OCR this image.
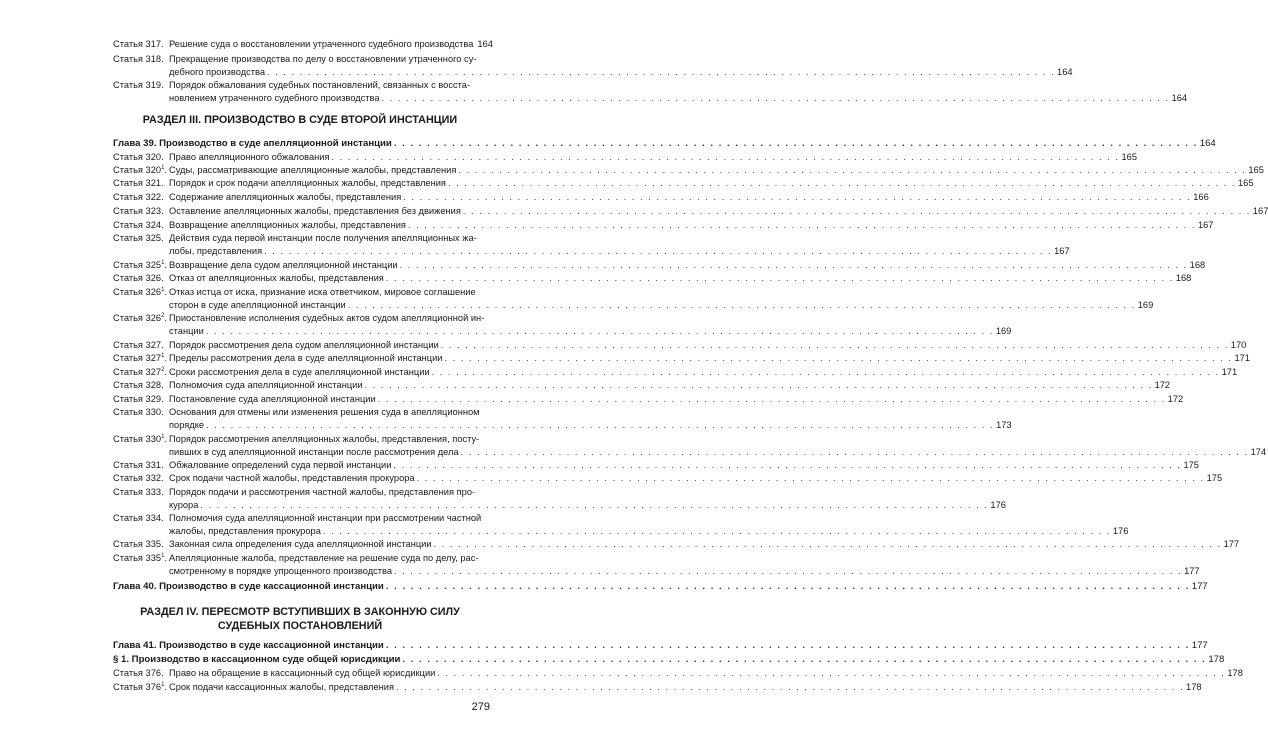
Статья 317. Решение суда о восстановлении утраченного судебного производства 164
Статья 318. Прекращение производства по делу о восстановлении утраченного су-
дебного производства . . .	164
Статья 319. Порядок обжалования судебных постановлений, связанных с восста-
новлением утраченного судебного производства . . .	164
РАЗДЕЛ III. ПРОИЗВОДСТВО В СУДЕ ВТОРОЙ ИНСТАНЦИИ
Глава 39. Производство в суде апелляционной инстанции . . .	164
Статья 320. Право апелляционного обжалования . . .	165
Статья $320^1$. Суды, рассматривающие апелляционные жалобы, представления . . .	165
Статья 321. Порядок и срок подачи апелляционных жалобы, представления . . .	165
Статья 322. Содержание апелляционных жалобы, представления . . .	166
Статья 323. Оставление апелляционных жалобы, представления без движения . . .	167
Статья 324. Возвращение апелляционных жалобы, представления . . .	167
Статья 325. Действия суда первой инстанции после получения апелляционных жа-
лобы, представления . . .	167
Статья $325^1$. Возвращение дела судом апелляционной инстанции . . .	168
Статья 326. Отказ от апелляционных жалобы, представления . . .	168
Статья $326^1$. Отказ истца от иска, признание иска ответчиком, мировое соглашение
сторон в суде апелляционной инстанции . . .	169
Статья $326^2$. Приостановление исполнения судебных актов судом апелляционной ин-
станции . . .	169
Статья 327. Порядок рассмотрения дела судом апелляционной инстанции . . .	170
Статья $327^1$. Пределы рассмотрения дела в суде апелляционной инстанции . . .	171
Статья $327^2$. Сроки рассмотрения дела в суде апелляционной инстанции . . .	171
Статья 328. Полномочия суда апелляционной инстанции . . .	172
Статья 329. Постановление суда апелляционной инстанции . . .	172
Статья 330. Основания для отмены или изменения решения суда в апелляционном
порядке . . .	173
Статья $330^1$. Порядок рассмотрения апелляционных жалобы, представления, посту-
пивших в суд апелляционной инстанции после рассмотрения дела . . .	174
Статья 331. Обжалование определений суда первой инстанции . . .	175
Статья 332. Срок подачи частной жалобы, представления прокурора . . .	175
Статья 333. Порядок подачи и рассмотрения частной жалобы, представления про-
курора . . .	176
Статья 334. Полномочия суда апелляционной инстанции при рассмотрении частной
жалобы, представления прокурора . . .	176
Статья 335. Законная сила определения суда апелляционной инстанции . . .	177
Статья $335^1$. Апелляционные жалоба, представление на решение суда по делу, рас-
смотренному в порядке упрощенного производства . . .	177
Глава 40. Производство в суде кассационной инстанции . . .	177
РАЗДЕЛ IV. ПЕРЕСМОТР ВСТУПИВШИХ В ЗАКОННУЮ СИЛУ
СУДЕБНЫХ ПОСТАНОВЛЕНИЙ
Глава 41. Производство в суде кассационной инстанции . . .	177
§ 1. Производство в кассационном суде общей юрисдикции . . .	178
Статья 376. Право на обращение в кассационный суд общей юрисдикции . . .	178
Статья $376^1$. Срок подачи кассационных жалобы, представления . . .	178
279
